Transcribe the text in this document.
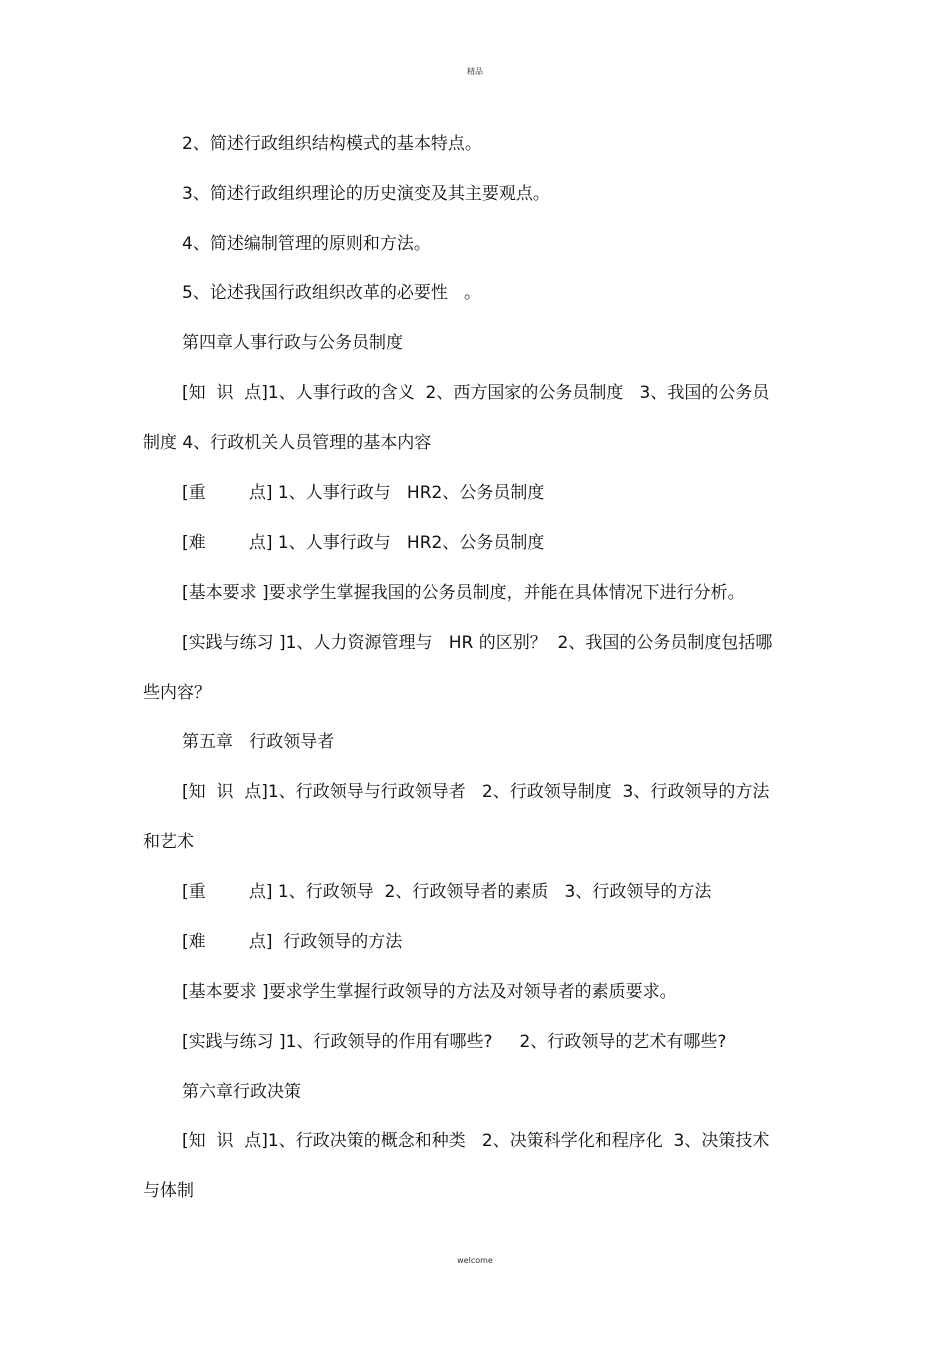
精品
2、简述行政组织结构模式的基本特点。
3、简述行政组织理论的历史演变及其主要观点。
4、简述编制管理的原则和方法。
5、论述我国行政组织改革的必要性   。
第四章人事行政与公务员制度
[知  识  点]1、人事行政的含义  2、西方国家的公务员制度   3、我国的公务员
制度 4、行政机关人员管理的基本内容
[重        点] 1、人事行政与   HR2、公务员制度
[难        点] 1、人事行政与   HR2、公务员制度
[基本要求 ]要求学生掌握我国的公务员制度，并能在具体情况下进行分析。
[实践与练习 ]1、人力资源管理与   HR 的区别？  2、我国的公务员制度包括哪
些内容？
第五章   行政领导者
[知  识  点]1、行政领导与行政领导者   2、行政领导制度  3、行政领导的方法
和艺术
[重        点] 1、行政领导  2、行政领导者的素质   3、行政领导的方法
[难        点]  行政领导的方法
[基本要求 ]要求学生掌握行政领导的方法及对领导者的素质要求。
[实践与练习 ]1、行政领导的作用有哪些?     2、行政领导的艺术有哪些?
第六章行政决策
[知  识  点]1、行政决策的概念和种类   2、决策科学化和程序化  3、决策技术
与体制
welcome
